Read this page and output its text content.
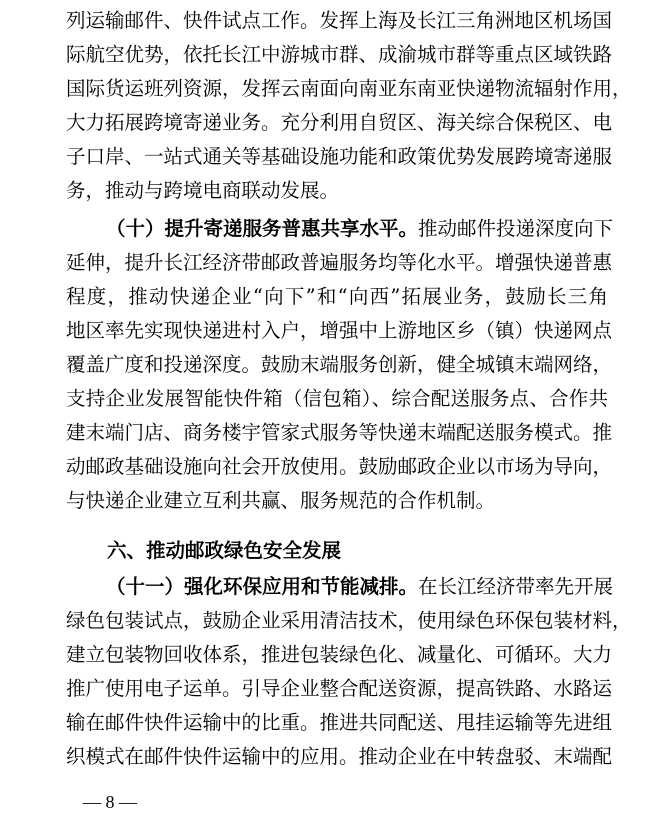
列运输邮件、快件试点工作。发挥上海及长江三角洲地区机场国
际航空优势，依托长江中游城市群、成渝城市群等重点区域铁路
国际货运班列资源，发挥云南面向南亚东南亚快递物流辐射作用，
大力拓展跨境寄递业务。充分利用自贸区、海关综合保税区、电
子口岸、一站式通关等基础设施功能和政策优势发展跨境寄递服
务，推动与跨境电商联动发展。
（十）提升寄递服务普惠共享水平。推动邮件投递深度向下
延伸，提升长江经济带邮政普遍服务均等化水平。增强快递普惠
程度，推动快递企业“向下”和“向西”拓展业务，鼓励长三角
地区率先实现快递进村入户，增强中上游地区乡（镇）快递网点
覆盖广度和投递深度。鼓励末端服务创新，健全城镇末端网络，
支持企业发展智能快件箱（信包箱）、综合配送服务点、合作共
建末端门店、商务楼宇管家式服务等快递末端配送服务模式。推
动邮政基础设施向社会开放使用。鼓励邮政企业以市场为导向，
与快递企业建立互利共赢、服务规范的合作机制。
六、推动邮政绿色安全发展
（十一）强化环保应用和节能减排。在长江经济带率先开展
绿色包装试点，鼓励企业采用清洁技术，使用绿色环保包装材料，
建立包装物回收体系，推进包装绿色化、减量化、可循环。大力
推广使用电子运单。引导企业整合配送资源，提高铁路、水路运
输在邮件快件运输中的比重。推进共同配送、甩挂运输等先进组
织模式在邮件快件运输中的应用。推动企业在中转盘驳、末端配
— 8 —
